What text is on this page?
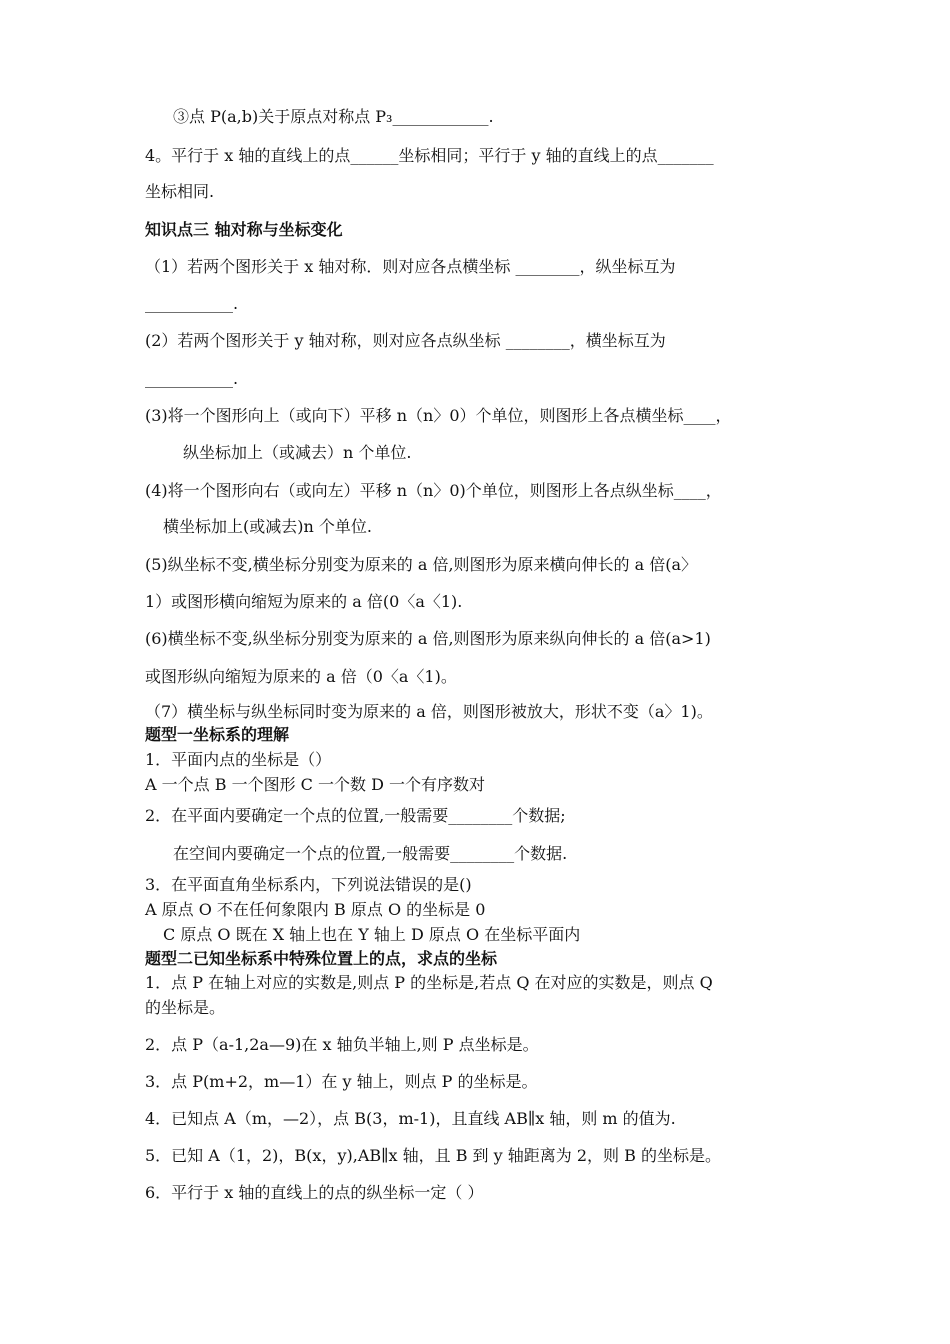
③点 P(a,b)关于原点对称点 P₃____________.
4。平行于 x 轴的直线上的点______坐标相同；平行于 y 轴的直线上的点_______
坐标相同.
知识点三 轴对称与坐标变化
（1）若两个图形关于 x 轴对称．则对应各点横坐标 ________，纵坐标互为
___________.
(2）若两个图形关于 y 轴对称，则对应各点纵坐标 ________，横坐标互为
___________.
(3)将一个图形向上（或向下）平移 n（n〉0）个单位，则图形上各点横坐标____，
纵坐标加上（或减去）n 个单位.
(4)将一个图形向右（或向左）平移 n（n〉0)个单位，则图形上各点纵坐标____，
横坐标加上(或减去)n 个单位.
(5)纵坐标不变,横坐标分别变为原来的 a 倍,则图形为原来横向伸长的 a 倍(a〉
1）或图形横向缩短为原来的 a 倍(0〈a〈1).
(6)横坐标不变,纵坐标分别变为原来的 a 倍,则图形为原来纵向伸长的 a 倍(a>1)
或图形纵向缩短为原来的 a 倍（0〈a〈1)。
（7）横坐标与纵坐标同时变为原来的 a 倍，则图形被放大，形状不变（a〉1)。
题型一坐标系的理解
1．平面内点的坐标是（）
A 一个点 B 一个图形 C 一个数 D 一个有序数对
2．在平面内要确定一个点的位置,一般需要________个数据;
在空间内要确定一个点的位置,一般需要________个数据.
3．在平面直角坐标系内，下列说法错误的是()
A 原点 O 不在任何象限内 B 原点 O 的坐标是 0
C 原点 O 既在 X 轴上也在 Y 轴上 D 原点 O 在坐标平面内
题型二已知坐标系中特殊位置上的点，求点的坐标
1．点 P 在轴上对应的实数是,则点 P 的坐标是,若点 Q 在对应的实数是，则点 Q
的坐标是。
2．点 P（a-1,2a—9)在 x 轴负半轴上,则 P 点坐标是。
3．点 P(m+2，m—1）在 y 轴上，则点 P 的坐标是。
4．已知点 A（m，—2），点 B(3，m-1)，且直线 AB∥x 轴，则 m 的值为.
5．已知 A（1，2)，B(x，y),AB∥x 轴，且 B 到 y 轴距离为 2，则 B 的坐标是。
6．平行于 x 轴的直线上的点的纵坐标一定（ ）
